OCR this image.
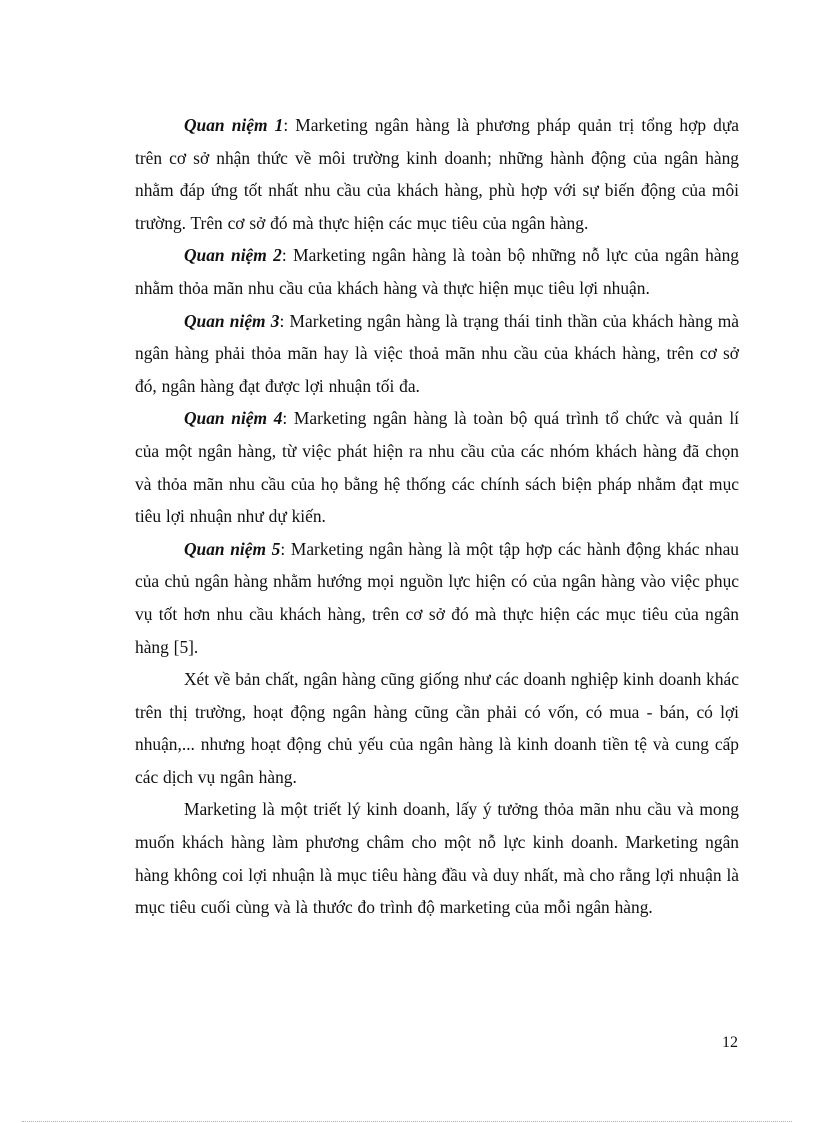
Quan niệm 1: Marketing ngân hàng là phương pháp quản trị tổng hợp dựa trên cơ sở nhận thức về môi trường kinh doanh; những hành động của ngân hàng nhằm đáp ứng tốt nhất nhu cầu của khách hàng, phù hợp với sự biến động của môi trường. Trên cơ sở đó mà thực hiện các mục tiêu của ngân hàng.

Quan niệm 2: Marketing ngân hàng là toàn bộ những nỗ lực của ngân hàng nhằm thỏa mãn nhu cầu của khách hàng và thực hiện mục tiêu lợi nhuận.

Quan niệm 3: Marketing ngân hàng là trạng thái tinh thần của khách hàng mà ngân hàng phải thỏa mãn hay là việc thoả mãn nhu cầu của khách hàng, trên cơ sở đó, ngân hàng đạt được lợi nhuận tối đa.

Quan niệm 4: Marketing ngân hàng là toàn bộ quá trình tổ chức và quản lí của một ngân hàng, từ việc phát hiện ra nhu cầu của các nhóm khách hàng đã chọn và thỏa mãn nhu cầu của họ bằng hệ thống các chính sách biện pháp nhằm đạt mục tiêu lợi nhuận như dự kiến.

Quan niệm 5: Marketing ngân hàng là một tập hợp các hành động khác nhau của chủ ngân hàng nhằm hướng mọi nguồn lực hiện có của ngân hàng vào việc phục vụ tốt hơn nhu cầu khách hàng, trên cơ sở đó mà thực hiện các mục tiêu của ngân hàng [5].

Xét về bản chất, ngân hàng cũng giống như các doanh nghiệp kinh doanh khác trên thị trường, hoạt động ngân hàng cũng cần phải có vốn, có mua - bán, có lợi nhuận,... nhưng hoạt động chủ yếu của ngân hàng là kinh doanh tiền tệ và cung cấp các dịch vụ ngân hàng.

Marketing là một triết lý kinh doanh, lấy ý tưởng thỏa mãn nhu cầu và mong muốn khách hàng làm phương châm cho một nỗ lực kinh doanh. Marketing ngân hàng không coi lợi nhuận là mục tiêu hàng đầu và duy nhất, mà cho rằng lợi nhuận là mục tiêu cuối cùng và là thước đo trình độ marketing của mỗi ngân hàng.

12
